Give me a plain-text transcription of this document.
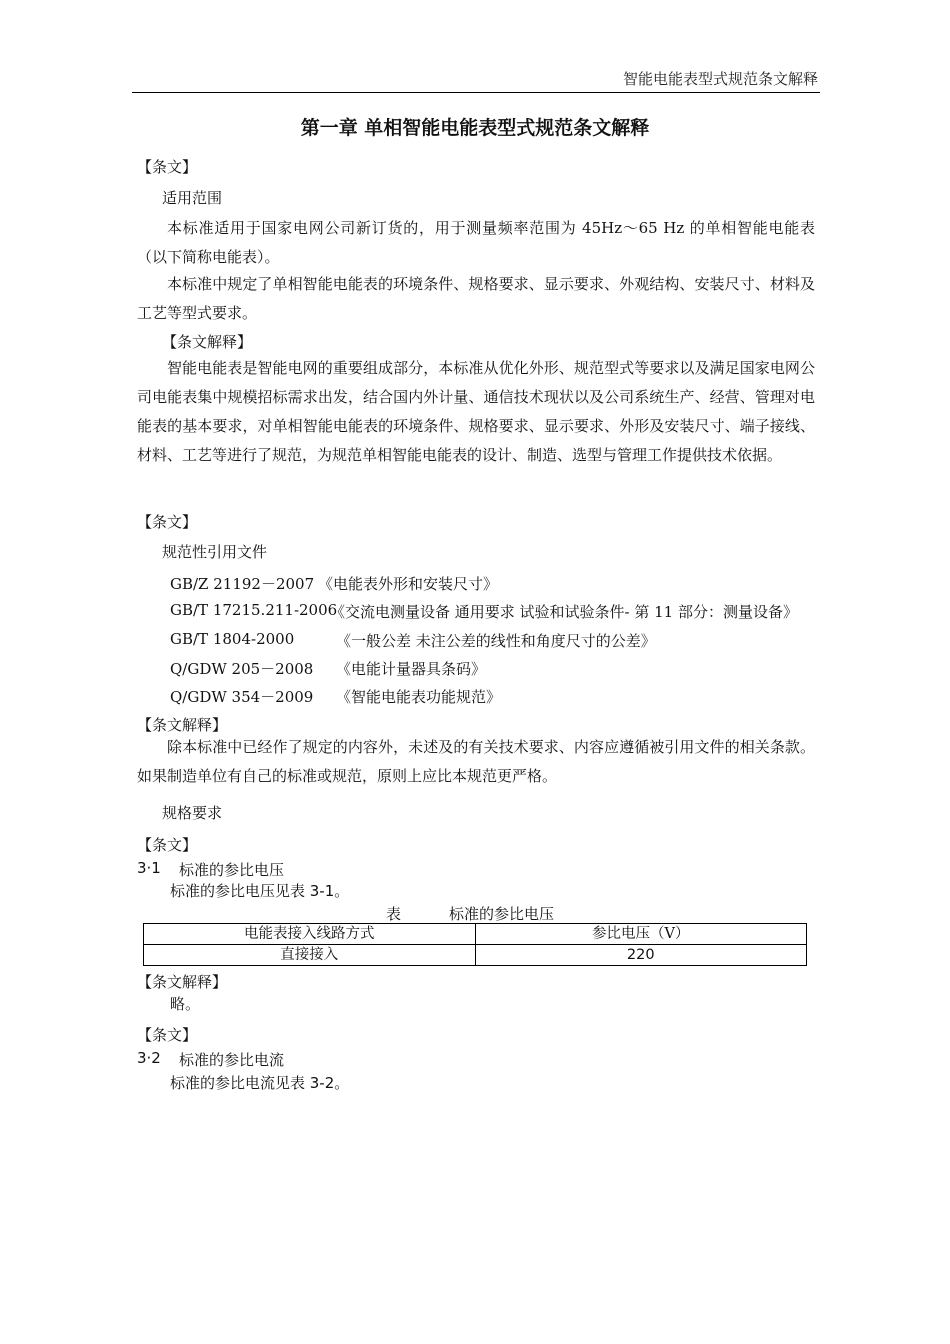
智能电能表型式规范条文解释
第一章 单相智能电能表型式规范条文解释
【条文】
适用范围
本标准适用于国家电网公司新订货的，用于测量频率范围为 45Hz～65 Hz 的单相智能电能表（以下简称电能表）。
本标准中规定了单相智能电能表的环境条件、规格要求、显示要求、外观结构、安装尺寸、材料及工艺等型式要求。
【条文解释】
智能电能表是智能电网的重要组成部分，本标准从优化外形、规范型式等要求以及满足国家电网公司电能表集中规模招标需求出发，结合国内外计量、通信技术现状以及公司系统生产、经营、管理对电能表的基本要求，对单相智能电能表的环境条件、规格要求、显示要求、外形及安装尺寸、端子接线、材料、工艺等进行了规范，为规范单相智能电能表的设计、制造、选型与管理工作提供技术依据。
【条文】
规范性引用文件
GB/Z 21192－2007 《电能表外形和安装尺寸》
GB/T 17215.211-2006
《交流电测量设备 通用要求 试验和试验条件- 第 11 部分：测量设备》
GB/T 1804-2000	《一般公差 未注公差的线性和角度尺寸的公差》
Q/GDW 205－2008 《电能计量器具条码》
Q/GDW 354－2009 《智能电能表功能规范》
【条文解释】
除本标准中已经作了规定的内容外，未述及的有关技术要求、内容应遵循被引用文件的相关条款。如果制造单位有自己的标准或规范，原则上应比本规范更严格。
规格要求
【条文】
3·1 标准的参比电压
标准的参比电压见表 3-1。
表	标准的参比电压
电能表接入线路方式	参比电压（V）
直接接入	220
【条文解释】
略。
【条文】
3·2 标准的参比电流
标准的参比电流见表 3-2。
